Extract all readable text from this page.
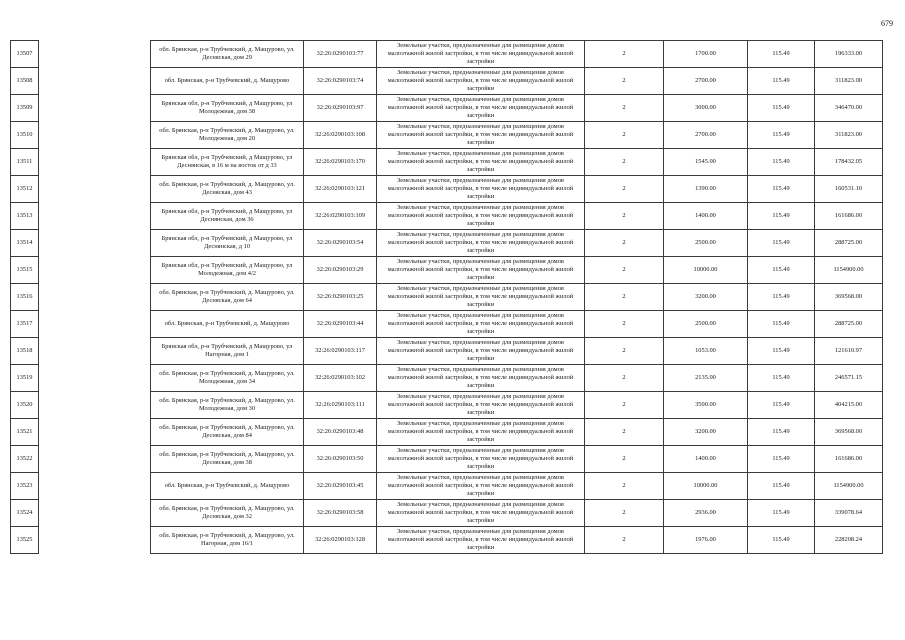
679
13507		обл. Брянская, р-н Трубчевский, д. Мащурово, ул. Десняская, дом 29	32:26:0290103:77	Земельные участки, предназначенные для размещения домов малоэтажной жилой застройки, в том числе индивидуальной жилой застройки	2	1700.00	115.49	196333.00
13508		обл. Брянская, р-н Трубчевский, д. Мащурово	32:26:0290103:74	Земельные участки, предназначенные для размещения домов малоэтажной жилой застройки, в том числе индивидуальной жилой застройки	2	2700.00	115.49	311823.00
13509		Брянская обл, р-н Трубчевский, д Мащурово, ул Молодежная, дом 38	32:26:0290103:97	Земельные участки, предназначенные для размещения домов малоэтажной жилой застройки, в том числе индивидуальной жилой застройки	2	3000.00	115.49	346470.00
13510		обл. Брянская, р-н Трубчевский, д. Мащурово, ул. Молодежная, дом 20	32:26:0290103:108	Земельные участки, предназначенные для размещения домов малоэтажной жилой застройки, в том числе индивидуальной жилой застройки	2	2700.00	115.49	311823.00
13511		Брянская обл, р-н Трубчевский, д Мащурово, ул Деснянская, в 16 м на восток от д 33	32:26:0290103:170	Земельные участки, предназначенные для размещения домов малоэтажной жилой застройки, в том числе индивидуальной жилой застройки	2	1545.00	115.49	178432.05
13512		обл. Брянская, р-н Трубчевский, д. Мащурово, ул. Десняская, дом 43	32:26:0290103:121	Земельные участки, предназначенные для размещения домов малоэтажной жилой застройки, в том числе индивидуальной жилой застройки	2	1390.00	115.49	160531.10
13513		Брянская обл, р-н Трубчевский, д Мащурово, ул Деснянская, дом 36	32:26:0290103:109	Земельные участки, предназначенные для размещения домов малоэтажной жилой застройки, в том числе индивидуальной жилой застройки	2	1400.00	115.49	161686.00
13514		Брянская обл, р-н Трубчевский, д Мащурово, ул Деснянская, д 10	32:26:0290103:54	Земельные участки, предназначенные для размещения домов малоэтажной жилой застройки, в том числе индивидуальной жилой застройки	2	2500.00	115.49	288725.00
13515		Брянская обл, р-н Трубчевский, д Мащурово, ул Молодежная, дом 4/2	32:26:0290103:29	Земельные участки, предназначенные для размещения домов малоэтажной жилой застройки, в том числе индивидуальной жилой застройки	2	10000.00	115.49	1154900.00
13516		обл. Брянская, р-н Трубчевский, д. Мащурово, ул. Десняская, дом 64	32:26:0290103:25	Земельные участки, предназначенные для размещения домов малоэтажной жилой застройки, в том числе индивидуальной жилой застройки	2	3200.00	115.49	369568.00
13517		обл. Брянская, р-н Трубчевский, д. Мащурово	32:26:0290103:44	Земельные участки, предназначенные для размещения домов малоэтажной жилой застройки, в том числе индивидуальной жилой застройки	2	2500.00	115.49	288725.00
13518		Брянская обл, р-н Трубчевский, д Мащурово, ул Нагорная, дом 1	32:26:0290103:117	Земельные участки, предназначенные для размещения домов малоэтажной жилой застройки, в том числе индивидуальной жилой застройки	2	1053.00	115.49	121610.97
13519		обл. Брянская, р-н Трубчевский, д. Мащурово, ул. Молодежная, дом 34	32:26:0290103:102	Земельные участки, предназначенные для размещения домов малоэтажной жилой застройки, в том числе индивидуальной жилой застройки	2	2135.00	115.49	246571.15
13520		обл. Брянская, р-н Трубчевский, д. Мащурово, ул. Молодежная, дом 30	32:26:0290103:111	Земельные участки, предназначенные для размещения домов малоэтажной жилой застройки, в том числе индивидуальной жилой застройки	2	3500.00	115.49	404215.00
13521		обл. Брянская, р-н Трубчевский, д. Мащурово, ул. Десняская, дом 84	32:26:0290103:48	Земельные участки, предназначенные для размещения домов малоэтажной жилой застройки, в том числе индивидуальной жилой застройки	2	3200.00	115.49	369568.00
13522		обл. Брянская, р-н Трубчевский, д. Мащурово, ул. Десняская, дом 38	32:26:0290103:50	Земельные участки, предназначенные для размещения домов малоэтажной жилой застройки, в том числе индивидуальной жилой застройки	2	1400.00	115.49	161686.00
13523		обл. Брянская, р-н Трубчевский, д. Мащурово	32:26:0290103:45	Земельные участки, предназначенные для размещения домов малоэтажной жилой застройки, в том числе индивидуальной жилой застройки	2	10000.00	115.49	1154900.00
13524		обл. Брянская, р-н Трубчевский, д. Мащурово, ул. Десняская, дом 32	32:26:0290103:58	Земельные участки, предназначенные для размещения домов малоэтажной жилой застройки, в том числе индивидуальной жилой застройки	2	2936.00	115.49	339078.64
13525		обл. Брянская, р-н Трубчевский, д. Мащурово, ул. Нагорная, дом 16/1	32:26:0290103:128	Земельные участки, предназначенные для размещения домов малоэтажной жилой застройки, в том числе индивидуальной жилой застройки	2	1976.00	115.49	228208.24
